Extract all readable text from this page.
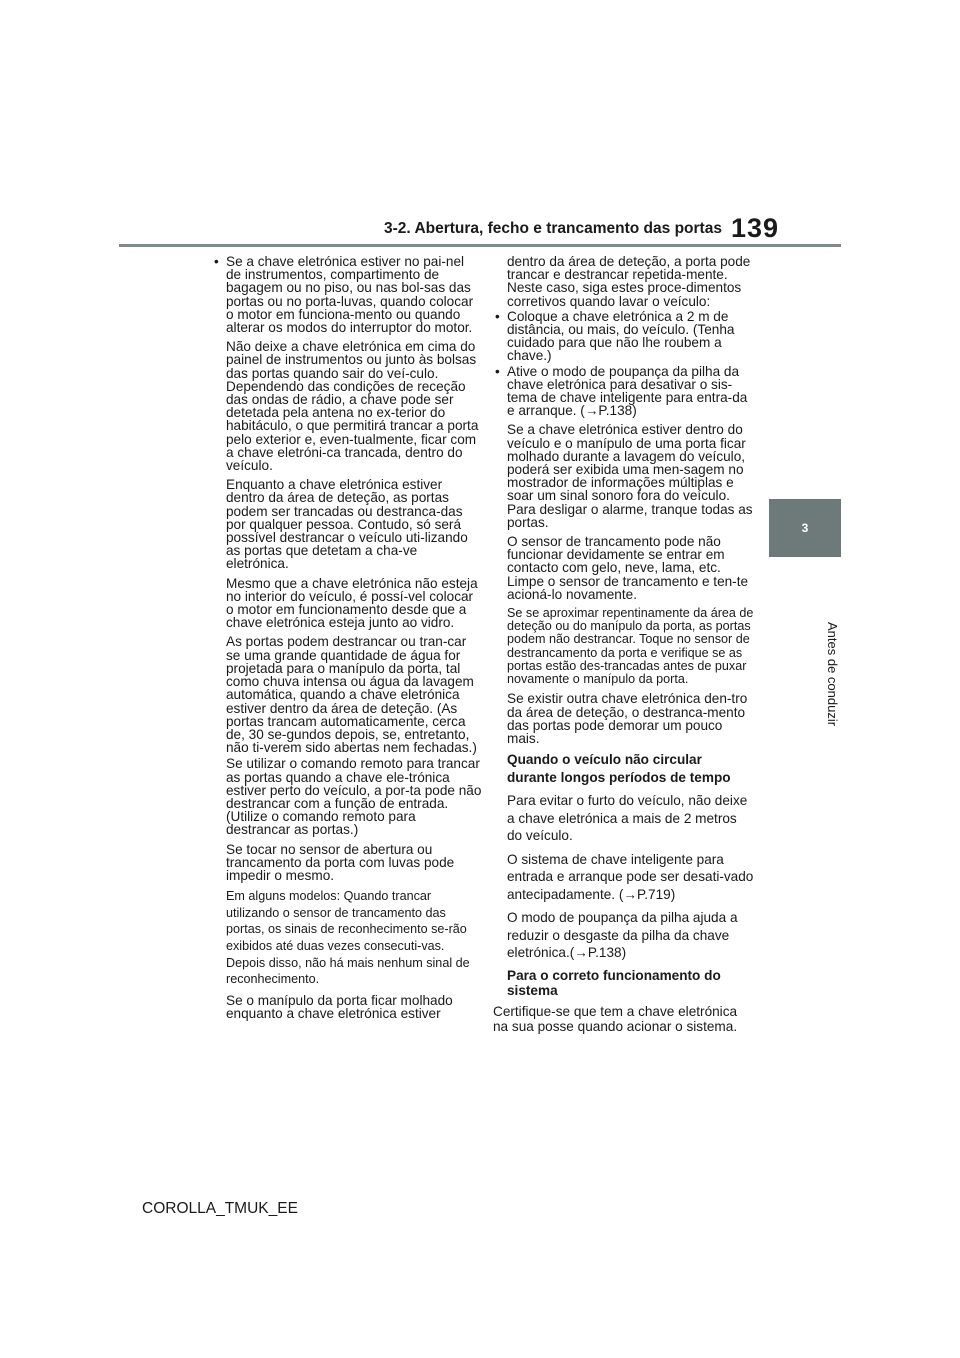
3-2. Abertura, fecho e trancamento das portas 139
3
Antes de conduzir
• Se a chave eletrónica estiver no pai-nel de instrumentos, compartimento de bagagem ou no piso, ou nas bol-sas das portas ou no porta-luvas, quando colocar o motor em funciona-mento ou quando alterar os modos do interruptor do motor.
Não deixe a chave eletrónica em cima do painel de instrumentos ou junto às bolsas das portas quando sair do veí-culo. Dependendo das condições de receção das ondas de rádio, a chave pode ser detetada pela antena no ex-terior do habitáculo, o que permitirá trancar a porta pelo exterior e, even-tualmente, ficar com a chave eletróni-ca trancada, dentro do veículo.
Enquanto a chave eletrónica estiver dentro da área de deteção, as portas podem ser trancadas ou destranca-das por qualquer pessoa. Contudo, só será possível destrancar o veículo uti-lizando as portas que detetam a cha-ve eletrónica.
Mesmo que a chave eletrónica não esteja no interior do veículo, é possí-vel colocar o motor em funcionamento desde que a chave eletrónica esteja junto ao vidro.
As portas podem destrancar ou tran-car se uma grande quantidade de água for projetada para o manípulo da porta, tal como chuva intensa ou água da lavagem automática, quando a chave eletrónica estiver dentro da área de deteção. (As portas trancam automaticamente, cerca de, 30 se-gundos depois, se, entretanto, não ti-verem sido abertas nem fechadas.)
Se utilizar o comando remoto para trancar as portas quando a chave ele-trónica estiver perto do veículo, a por-ta pode não destrancar com a função de entrada. (Utilize o comando remoto para destrancar as portas.)
Se tocar no sensor de abertura ou trancamento da porta com luvas pode impedir o mesmo.
Em alguns modelos: Quando trancar utilizando o sensor de trancamento das portas, os sinais de reconhecimento se-rão exibidos até duas vezes consecuti-vas. Depois disso, não há mais nenhum sinal de reconhecimento.
Se o manípulo da porta ficar molhado enquanto a chave eletrónica estiver
dentro da área de deteção, a porta pode trancar e destrancar repetida-mente. Neste caso, siga estes proce-dimentos corretivos quando lavar o veículo:
• Coloque a chave eletrónica a 2 m de distância, ou mais, do veículo. (Tenha cuidado para que não lhe roubem a chave.)
• Ative o modo de poupança da pilha da chave eletrónica para desativar o sis-tema de chave inteligente para entra-da e arranque. (→P.138)
Se a chave eletrónica estiver dentro do veículo e o manípulo de uma porta ficar molhado durante a lavagem do veículo, poderá ser exibida uma men-sagem no mostrador de informações múltiplas e soar um sinal sonoro fora do veículo. Para desligar o alarme, tranque todas as portas.
O sensor de trancamento pode não funcionar devidamente se entrar em contacto com gelo, neve, lama, etc. Limpe o sensor de trancamento e ten-te acioná-lo novamente.
Se se aproximar repentinamente da área de deteção ou do manípulo da porta, as portas podem não destrancar. Toque no sensor de destrancamento da porta e verifique se as portas estão des-trancadas antes de puxar novamente o manípulo da porta.
Se existir outra chave eletrónica den-tro da área de deteção, o destranca-mento das portas pode demorar um pouco mais.
Quando o veículo não circular durante longos períodos de tempo
Para evitar o furto do veículo, não deixe a chave eletrónica a mais de 2 metros do veículo.
O sistema de chave inteligente para entrada e arranque pode ser desati-vado antecipadamente. (→P.719)
O modo de poupança da pilha ajuda a reduzir o desgaste da pilha da chave eletrónica.(→P.138)
Para o correto funcionamento do sistema
Certifique-se que tem a chave eletrónica na sua posse quando acionar o sistema.
COROLLA_TMUK_EE
